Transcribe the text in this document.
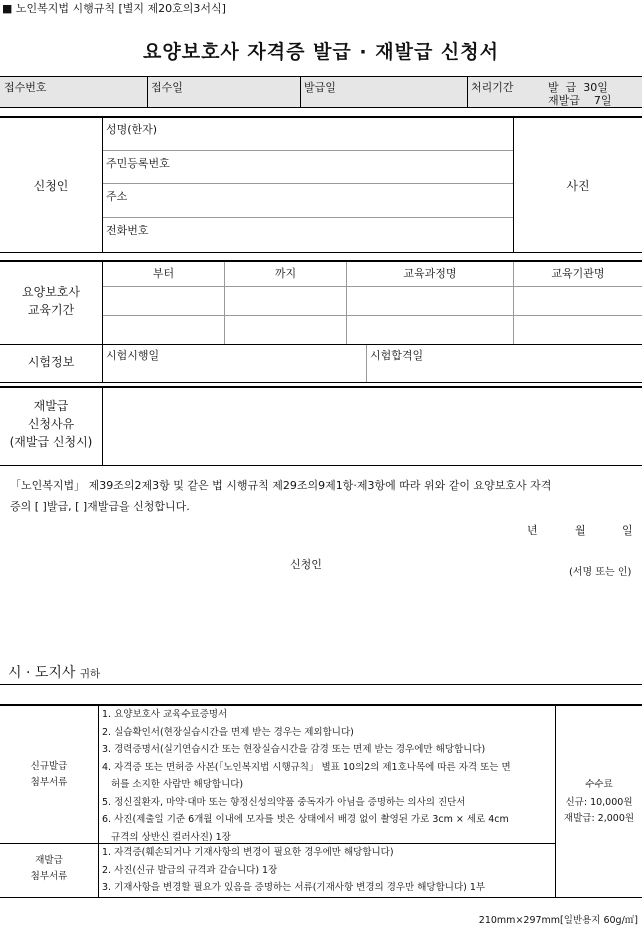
■ 노인복지법 시행규칙 [별지 제20호의3서식]
요양보호사 자격증 발급 · 재발급 신청서
접수번호	접수일	발급일	처리기간	발  급  30일
재발급    7일
신청인
성명(한자)
주민등록번호
주소
전화번호
사진
요양보호사
교육기간
부터	까지	교육과정명	교육기관명
시험정보	시험시행일	시험합격일
재발급
신청사유
(재발급 신청시)
「노인복지법」 제39조의2제3항 및 같은 법 시행규칙 제29조의9제1항·제3항에 따라 위와 같이 요양보호사 자격
증의 [ ]발급, [ ]재발급을 신청합니다.
년	월	일
신청인
(서명 또는 인)
시 · 도지사 귀하
신규발급
첨부서류
1. 요양보호사 교육수료증명서
2. 실습확인서(현장실습시간을 면제 받는 경우는 제외합니다)
3. 경력증명서(실기연습시간 또는 현장실습시간을 감경 또는 면제 받는 경우에만 해당합니다)
4. 자격증 또는 면허증 사본(「노인복지법 시행규칙」 별표 10의2의 제1호나목에 따른 자격 또는 면
허를 소지한 사람만 해당합니다)
5. 정신질환자, 마약·대마 또는 향정신성의약품 중독자가 아님을 증명하는 의사의 진단서
6. 사진(제출일 기준 6개월 이내에 모자를 벗은 상태에서 배경 없이 촬영된 가로 3cm × 세로 4cm
규격의 상반신 컬러사진) 1장
재발급
첨부서류
1. 자격증(훼손되거나 기재사항의 변경이 필요한 경우에만 해당합니다)
2. 사진(신규 발급의 규격과 같습니다) 1장
3. 기재사항을 변경할 필요가 있음을 증명하는 서류(기재사항 변경의 경우만 해당합니다) 1부
수수료
신규: 10,000원
재발급: 2,000원
210mm×297mm[일반용지 60g/㎡]
